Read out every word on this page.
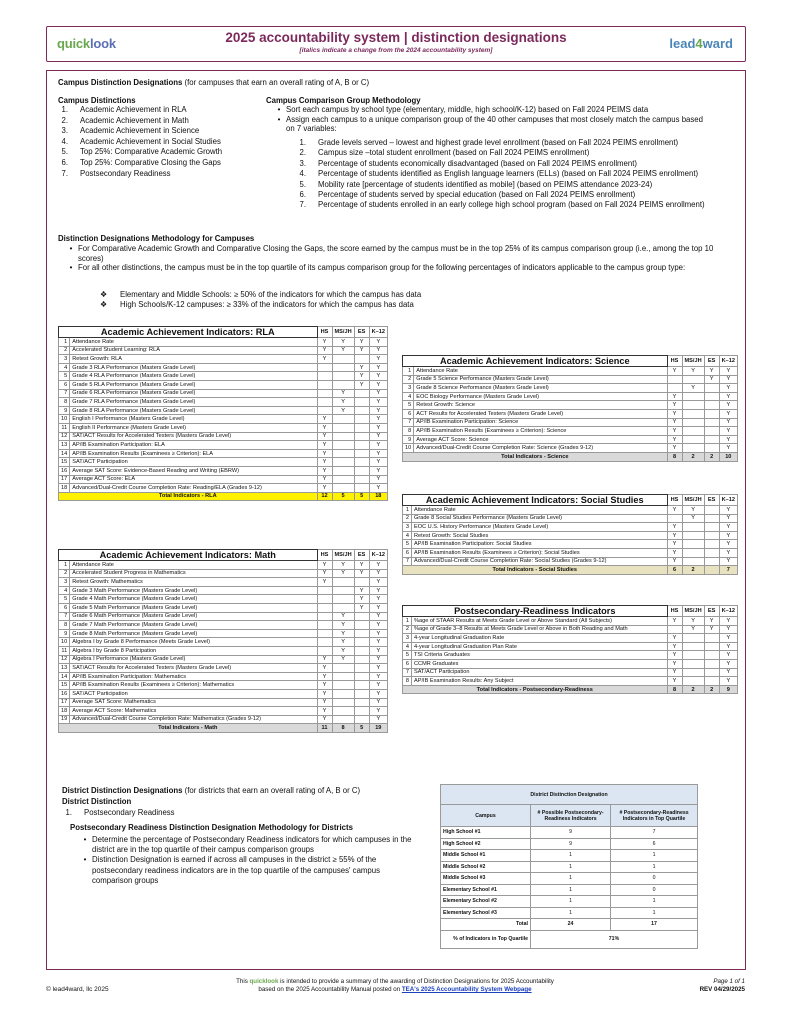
quicklook	2025 accountability system | distinction designations
[italics indicate a change from the 2024 accountability system]	lead4ward
Campus Distinction Designations (for campuses that earn an overall rating of A, B or C)
Campus Distinctions
1.	Academic Achievement in RLA
2.	Academic Achievement in Math
3.	Academic Achievement in Science
4.	Academic Achievement in Social Studies
5.	Top 25%: Comparative Academic Growth
6.	Top 25%: Comparative Closing the Gaps
7.	Postsecondary Readiness
Campus Comparison Group Methodology
• Sort each campus by school type (elementary, middle, high school/K-12) based on Fall 2024 PEIMS data
• Assign each campus to a unique comparison group of the 40 other campuses that most closely match the campus based on 7 variables:
1.	Grade levels served – lowest and highest grade level enrollment (based on Fall 2024 PEIMS enrollment)
2.	Campus size –total student enrollment (based on Fall 2024 PEIMS enrollment)
3.	Percentage of students economically disadvantaged (based on Fall 2024 PEIMS enrollment)
4.	Percentage of students identified as English language learners (ELLs) (based on Fall 2024 PEIMS enrollment)
5.	Mobility rate [percentage of students identified as mobile] (based on PEIMS attendance 2023-24)
6.	Percentage of students served by special education (based on Fall 2024 PEIMS enrollment)
7.	Percentage of students enrolled in an early college high school program (based on Fall 2024 PEIMS enrollment)
Distinction Designations Methodology for Campuses
• For Comparative Academic Growth and Comparative Closing the Gaps, the score earned by the campus must be in the top 25% of its campus comparison group (i.e., among the top 10 scores)
• For all other distinctions, the campus must be in the top quartile of its campus comparison group for the following percentages of indicators applicable to the campus group type:
❖	Elementary and Middle Schools: ≥ 50% of the indicators for which the campus has data
❖	High Schools/K-12 campuses: ≥ 33% of the indicators for which the campus has data
Academic Achievement Indicators: RLA		HS	MS/JH	ES	K–12
1	Attendance Rate	Y	Y	Y	Y
2	Accelerated Student Learning: RLA	Y	Y	Y	Y
3	Retest Growth: RLA	Y			Y
4	Grade 3 RLA Performance (Masters Grade Level)			Y	Y
5	Grade 4 RLA Performance (Masters Grade Level)			Y	Y
6	Grade 5 RLA Performance (Masters Grade Level)			Y	Y
7	Grade 6 RLA Performance (Masters Grade Level)		Y		Y
8	Grade 7 RLA Performance (Masters Grade Level)		Y		Y
9	Grade 8 RLA Performance (Masters Grade Level)		Y		Y
10	English I Performance (Masters Grade Level)	Y			Y
11	English II Performance (Masters Grade Level)	Y			Y
12	SAT/ACT Results for Accelerated Testers (Masters Grade Level)	Y			Y
13	AP/IB Examination Participation: ELA	Y			Y
14	AP/IB Examination Results (Examinees ≥ Criterion): ELA	Y			Y
15	SAT/ACT Participation	Y			Y
16	Average SAT Score: Evidence-Based Reading and Writing (EBRW)	Y			Y
17	Average ACT Score: ELA	Y			Y
18	Advanced/Dual-Credit Course Completion Rate: Reading/ELA (Grades 9-12)	Y			Y
Total Indicators - RLA		12	5	5	18
Academic Achievement Indicators: Math		HS	MS/JH	ES	K–12
1	Attendance Rate	Y	Y	Y	Y
2	Accelerated Student Progress in Mathematics	Y	Y	Y	Y
3	Retest Growth: Mathematics	Y			Y
4	Grade 3 Math Performance (Masters Grade Level)			Y	Y
5	Grade 4 Math Performance (Masters Grade Level)			Y	Y
6	Grade 5 Math Performance (Masters Grade Level)			Y	Y
7	Grade 6 Math Performance (Masters Grade Level)		Y		Y
8	Grade 7 Math Performance (Masters Grade Level)		Y		Y
9	Grade 8 Math Performance (Masters Grade Level)		Y		Y
10	Algebra I by Grade 8 Performance (Meets Grade Level)		Y		Y
11	Algebra I by Grade 8 Participation		Y		Y
12	Algebra I Performance (Masters Grade Level)	Y	Y		Y
13	SAT/ACT Results for Accelerated Testers (Masters Grade Level)	Y			Y
14	AP/IB Examination Participation: Mathematics	Y			Y
15	AP/IB Examination Results (Examinees ≥ Criterion): Mathematics	Y			Y
16	SAT/ACT Participation	Y			Y
17	Average SAT Score: Mathematics	Y			Y
18	Average ACT Score: Mathematics	Y			Y
19	Advanced/Dual-Credit Course Completion Rate: Mathematics (Grades 9-12)	Y			Y
Total Indicators - Math		11	8	5	19
Academic Achievement Indicators: Science		HS	MS/JH	ES	K–12
1	Attendance Rate	Y	Y	Y	Y
2	Grade 5 Science Performance (Masters Grade Level)			Y	Y
3	Grade 8 Science Performance (Masters Grade Level)		Y		Y
4	EOC Biology Performance (Masters Grade Level)	Y			Y
5	Retest Growth: Science	Y			Y
6	ACT Results for Accelerated Testers (Masters Grade Level)	Y			Y
7	AP/IB Examination Participation: Science	Y			Y
8	AP/IB Examination Results (Examinees ≥ Criterion): Science	Y			Y
9	Average ACT Score: Science	Y			Y
10	Advanced/Dual-Credit Course Completion Rate: Science (Grades 9-12)	Y			Y
Total Indicators - Science		8	2	2	10
Academic Achievement Indicators: Social Studies		HS	MS/JH	ES	K–12
1	Attendance Rate	Y	Y		Y
2	Grade 8 Social Studies Performance (Masters Grade Level)		Y		Y
3	EOC U.S. History Performance (Masters Grade Level)	Y			Y
4	Retest Growth: Social Studies	Y			Y
5	AP/IB Examination Participation: Social Studies	Y			Y
6	AP/IB Examination Results (Examinees ≥ Criterion): Social Studies	Y			Y
7	Advanced/Dual-Credit Course Completion Rate: Social Studies (Grades 9-12)	Y			Y
Total Indicators - Social Studies		6	2		7
Postsecondary-Readiness Indicators		HS	MS/JH	ES	K–12
1	%age of STAAR Results at Meets Grade Level or Above Standard (All Subjects)	Y	Y	Y	Y
2	%age of Grade 3–8 Results at Meets Grade Level or Above in Both Reading and Math		Y	Y	Y
3	4-year Longitudinal Graduation Rate	Y			Y
4	4-year Longitudinal Graduation Plan Rate	Y			Y
5	TSI Criteria Graduates	Y			Y
6	CCMR Graduates	Y			Y
7	SAT/ACT Participation	Y			Y
8	AP/IB Examination Results: Any Subject	Y			Y
Total Indicators - Postsecondary-Readiness		8	2	2	9
District Distinction Designations (for districts that earn an overall rating of A, B or C)
District Distinction
1.	Postsecondary Readiness
Postsecondary Readiness Distinction Designation Methodology for Districts
• Determine the percentage of Postsecondary Readiness indicators for which campuses in the district are in the top quartile of their campus comparison groups
• Distinction Designation is earned if across all campuses in the district ≥ 55% of the postsecondary readiness indicators are in the top quartile of the campuses' campus comparison groups
District Distinction Designation		
Campus	# Possible Postsecondary-Readiness Indicators	# Postsecondary-Readiness Indicators in Top Quartile
High School #1	9	7
High School #2	9	6
Middle School #1	1	1
Middle School #2	1	1
Middle School #3	1	0
Elementary School #1	1	0
Elementary School #2	1	1
Elementary School #3	1	1
Total	24	17
% of Indicators in Top Quartile	71%	
© lead4ward, llc 2025
This quicklook is intended to provide a summary of the awarding of Distinction Designations for 2025 Accountability
based on the 2025 Accountability Manual posted on TEA's 2025 Accountability System Webpage
Page 1 of 1
REV 04/29/2025
